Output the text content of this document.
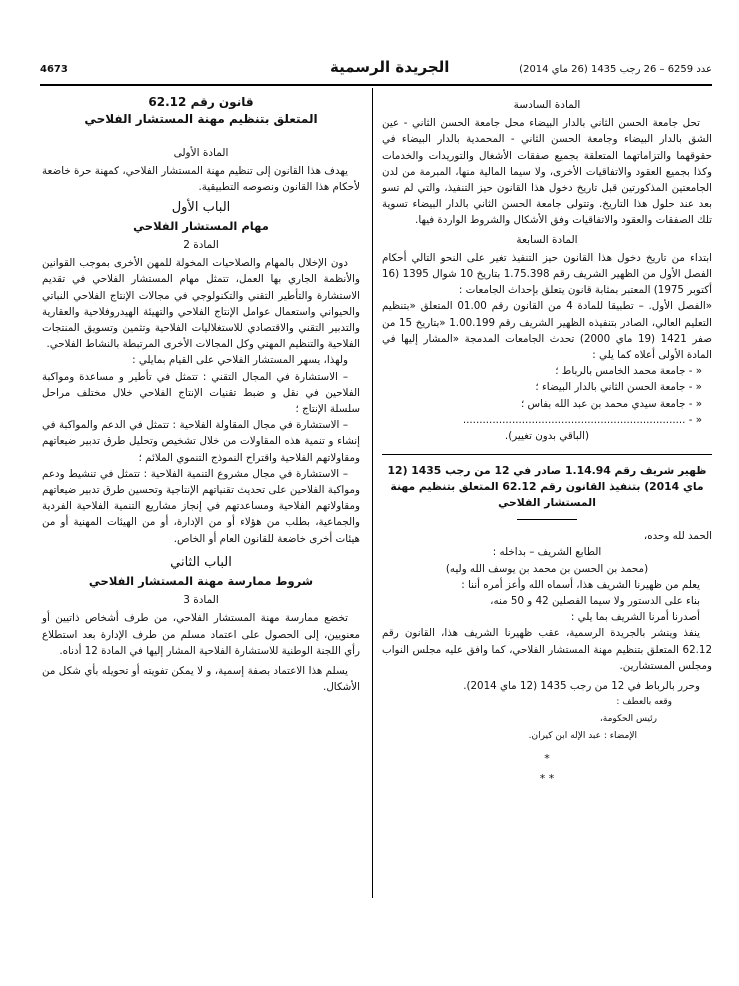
4673	الجريدة الرسمية	عدد 6259 – 26 رجب 1435 (26 ماي 2014)

المادة السادسة

تحل جامعة الحسن الثاني بالدار البيضاء محل جامعة الحسن الثاني - عين الشق بالدار البيضاء وجامعة الحسن الثاني - المحمدية بالدار البيضاء في حقوقهما والتزاماتهما المتعلقة بجميع صفقات الأشغال والتوريدات والخدمات وكذا بجميع العقود والاتفاقيات الأخرى، ولا سيما المالية منها، المبرمة من لدن الجامعتين المذكورتين قبل تاريخ دخول هذا القانون حيز التنفيذ، والتي لم تسو بعد عند حلول هذا التاريخ. وتتولى جامعة الحسن الثاني بالدار البيضاء تسوية تلك الصفقات والعقود والاتفاقيات وفق الأشكال والشروط الواردة فيها.

المادة السابعة

ابتداء من تاريخ دخول هذا القانون حيز التنفيذ تغير على النحو التالي أحكام الفصل الأول من الظهير الشريف رقم 1.75.398 بتاريخ 10 شوال 1395 (16 أكتوبر 1975) المعتبر بمثابة قانون يتعلق بإحداث الجامعات :

«الفصل الأول. – تطبيقا للمادة 4 من القانون رقم 01.00 المتعلق «بتنظيم التعليم العالي، الصادر بتنفيذه الظهير الشريف رقم 1.00.199 «بتاريخ 15 من صفر 1421 (19 ماي 2000) تحدث الجامعات المدمجة «المشار إليها في المادة الأولى أعلاه كما يلي :

« - جامعة محمد الخامس بالرباط ؛

« - جامعة الحسن الثاني بالدار البيضاء ؛

« - جامعة سيدي محمد بن عبد الله بفاس ؛

« - ....................................................................

(الباقي بدون تغيير).

ظهير شريف رقم 1.14.94 صادر في 12 من رجب 1435 (12 ماي 2014) بتنفيذ القانون رقم 62.12 المتعلق بتنظيم مهنة المستشار الفلاحي

الحمد لله وحده،

الطابع الشريف – بداخله :

(محمد بن الحسن بن محمد بن يوسف الله وليه)

يعلم من ظهيرنا الشريف هذا، أسماه الله وأعز أمره أننا :

بناء على الدستور ولا سيما الفصلين 42 و 50 منه،

أصدرنا أمرنا الشريف بما يلي :

ينفذ وينشر بالجريدة الرسمية، عقب ظهيرنا الشريف هذا، القانون رقم 62.12 المتعلق بتنظيم مهنة المستشار الفلاحي، كما وافق عليه مجلس النواب ومجلس المستشارين.

وحرر بالرباط في 12 من رجب 1435 (12 ماي 2014).

وقعه بالعطف :

رئيس الحكومة،

الإمضاء : عبد الإله ابن كيران.

*

* *

قانون رقم 62.12

المتعلق بتنظيم مهنة المستشار الفلاحي

المادة الأولى

يهدف هذا القانون إلى تنظيم مهنة المستشار الفلاحي، كمهنة حرة خاضعة لأحكام هذا القانون ونصوصه التطبيقية.

الباب الأول

مهام المستشار الفلاحي

المادة 2

دون الإخلال بالمهام والصلاحيات المخولة للمهن الأخرى بموجب القوانين والأنظمة الجاري بها العمل، تتمثل مهام المستشار الفلاحي في تقديم الاستشارة والتأطير التقني والتكنولوجي في مجالات الإنتاج الفلاحي النباتي والحيواني واستعمال عوامل الإنتاج الفلاحي والتهيئة الهيدروفلاحية والعقارية والتدبير التقني والاقتصادي للاستغلاليات الفلاحية وتثمين وتسويق المنتجات الفلاحية والتنظيم المهني وكل المجالات الأخرى المرتبطة بالنشاط الفلاحي.

ولهذا، يسهر المستشار الفلاحي على القيام بمايلي :

– الاستشارة في المجال التقني : تتمثل في تأطير و مساعدة ومواكبة الفلاحين في نقل و ضبط تقنيات الإنتاج الفلاحي خلال مختلف مراحل سلسلة الإنتاج ؛

– الاستشارة في مجال المقاولة الفلاحية : تتمثل في الدعم والمواكبة في إنشاء و تنمية هذه المقاولات من خلال تشخيص وتحليل طرق تدبير ضيعاتهم ومقاولاتهم الفلاحية واقتراح النموذج التنموي الملائم ؛

– الاستشارة في مجال مشروع التنمية الفلاحية : تتمثل في تنشيط ودعم ومواكبة الفلاحين على تحديث تقنياتهم الإنتاجية وتحسين طرق تدبير ضيعاتهم ومقاولاتهم الفلاحية ومساعدتهم في إنجاز مشاريع التنمية الفلاحية الفردية والجماعية، بطلب من هؤلاء أو من الإدارة، أو من الهيئات المهنية أو من هيئات أخرى خاضعة للقانون العام أو الخاص.

الباب الثاني

شروط ممارسة مهنة المستشار الفلاحي

المادة 3

تخضع ممارسة مهنة المستشار الفلاحي، من طرف أشخاص ذاتيين أو معنويين، إلى الحصول على اعتماد مسلم من طرف الإدارة بعد استطلاع رأي اللجنة الوطنية للاستشارة الفلاحية المشار إليها في المادة 12 أدناه.

يسلم هذا الاعتماد بصفة إسمية، و لا يمكن تفويته أو تحويله بأي شكل من الأشكال.
